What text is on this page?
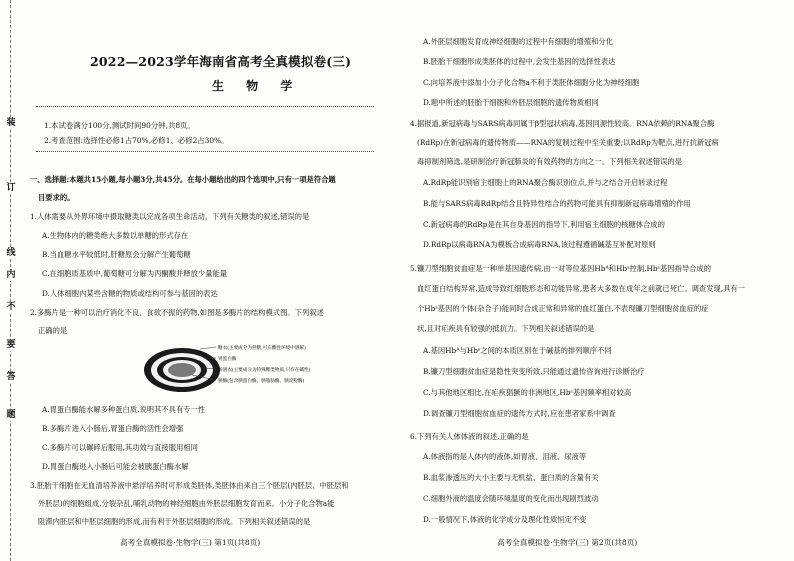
装
订
线
内
不
要
答
题
2022—2023学年海南省高考全真模拟卷(三)
生 物 学
1.本试卷满分100分,测试时间90分钟,共8页。
2.考查范围:选择性必修1占70%,必修1、必修2占30%。
一、选择题:本题共15小题,每小题3分,共45分。在每小题给出的四个选项中,只有一项是符合题
目要求的。
1.人体需要从外界环境中摄取糖类以完成各项生命活动。下列有关糖类的叙述,错误的是
A.生物体内的糖类绝大多数以单糖的形式存在
B.当血糖水平较低时,肝糖原会分解产生葡萄糖
C.在细胞质基质中,葡萄糖可分解为丙酮酸并释放少量能量
D.人体细胞内某些含糖的物质或结构可参与基因的表达
2.多酶片是一种可以治疗消化不良、食欲不振的药物,如图是多酶片的结构模式图。下列叙述
正确的是
糖衣(主要成分为蔗糖,可在酸性环境中溶解)
胃蛋白酶
肠溶衣(主要成分为特殊糖类物质,只有在碱性)
胰酶(包含胰蛋白酶、胰脂肪酶、胰淀粉酶)
A.胃蛋白酶能水解多种蛋白质,说明其不具有专一性
B.多酶片进入小肠后,胃蛋白酶的活性会增强
C.多酶片可以碾碎后服用,其功效与直接服用相同
D.胃蛋白酶进入小肠后可能会被胰蛋白酶水解
3.胚胎干细胞在无血清培养液中悬浮培养时可形成类胚体,类胚体由来自三个胚层(内胚层、中胚层和
外胚层)的细胞组成,分裂杂乱,哺乳动物的神经细胞由外胚层细胞发育而来。小分子化合物a能
阻滞内胚层和中胚层细胞的形成,而有利于外胚层细胞的形成。下列相关叙述错误的是
高考全真模拟卷·生物学(三) 第1页(共8页)
A.外胚层细胞发育成神经细胞的过程中有细胞的增殖和分化
B.胚胎干细胞形成类胚体的过程中,会发生基因的选择性表达
C.向培养液中添加小分子化合物a不利于类胚体细胞分化为神经细胞
D.题中所述的胚胎干细胞和外胚层细胞的遗传物质相同
4.据报道,新冠病毒与SARS病毒同属于β型冠状病毒,基因同源性较高。RNA依赖的RNA聚合酶
(RdRp)在新冠病毒的遗传物质——RNA的复制过程中至关重要;以RdRp为靶点,进行抗新冠病
毒抑制剂筛选,是研制治疗新冠肺炎的有效药物的方向之一。下列相关叙述错误的是
A.RdRp能识别宿主细胞上的RNA聚合酶识别位点,并与之结合开启转录过程
B.能与SARS病毒RdRp结合且特异性结合的药物可能具有抑制新冠病毒增殖的作用
C.新冠病毒的RdRp是在其自身基因的指导下,利用宿主细胞的核糖体合成的
D.RdRp以病毒RNA为模板合成病毒RNA,该过程遵循碱基互补配对原则
5.镰刀型细胞贫血症是一种单基因遗传病,由一对等位基因Hbᴬ和Hbˢ控制,Hbˢ基因指导合成的
血红蛋白结构异常,造成导致红细胞形态和功能异常,患者大多数在成年之前就已死亡。调查发现,具有一
个Hbˢ基因的个体(杂合子)能同时合成正常和异常的血红蛋白,不表现镰刀型细胞贫血症的症
状,且对疟疾具有较强的抵抗力。下列相关叙述错误的是
A.基因Hbᴬ与Hbˢ之间的本质区别在于碱基的排列顺序不同
B.镰刀型细胞贫血症是隐性突变所致,只能通过遗传咨询进行诊断治疗
C.与其他地区相比,在疟疾猖獗的非洲地区,Hbˢ基因频率相对较高
D.调查镰刀型细胞贫血症的遗传方式时,应在患者家系中调查
6.下列有关人体体液的叙述,正确的是
A.体液指的是人体内的液体,如胃液、泪液、尿液等
B.血浆渗透压的大小主要与无机盐、蛋白质的含量有关
C.细胞外液的温度会随环境温度的变化而出现剧烈波动
D.一般情况下,体液的化学成分及理化性质恒定不变
高考全真模拟卷·生物学(三) 第2页(共8页)
